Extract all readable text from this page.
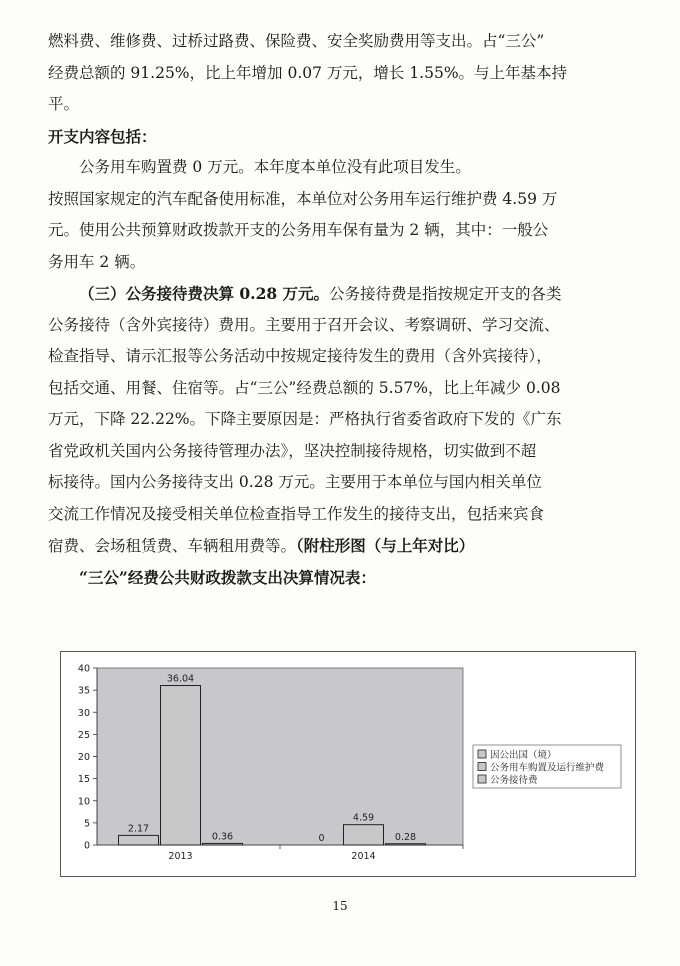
燃料费、维修费、过桥过路费、保险费、安全奖励费用等支出。占“三公”
经费总额的 91.25%，比上年增加 0.07 万元，增长 1.55%。与上年基本持
平。
开支内容包括：
公务用车购置费 0 万元。本年度本单位没有此项目发生。
按照国家规定的汽车配备使用标准，本单位对公务用车运行维护费 4.59 万
元。使用公共预算财政拨款开支的公务用车保有量为 2 辆，其中：一般公
务用车 2 辆。
（三）公务接待费决算 0.28 万元。公务接待费是指按规定开支的各类
公务接待（含外宾接待）费用。主要用于召开会议、考察调研、学习交流、
检查指导、请示汇报等公务活动中按规定接待发生的费用（含外宾接待），
包括交通、用餐、住宿等。占“三公”经费总额的 5.57%，比上年减少 0.08
万元，下降 22.22%。下降主要原因是：严格执行省委省政府下发的《广东
省党政机关国内公务接待管理办法》，坚决控制接待规格，切实做到不超
标接待。国内公务接待支出 0.28 万元。主要用于本单位与国内相关单位
交流工作情况及接受相关单位检查指导工作发生的接待支出，包括来宾食
宿费、会场租赁费、车辆租用费等。（附柱形图（与上年对比）
“三公”经费公共财政拨款支出决算情况表：
0
5
10
15
20
25
30
35
40
2.17
36.04
0.36
2013
0
4.59
0.28
2014
因公出国（境）
公务用车购置及运行维护费
公务接待费
15
